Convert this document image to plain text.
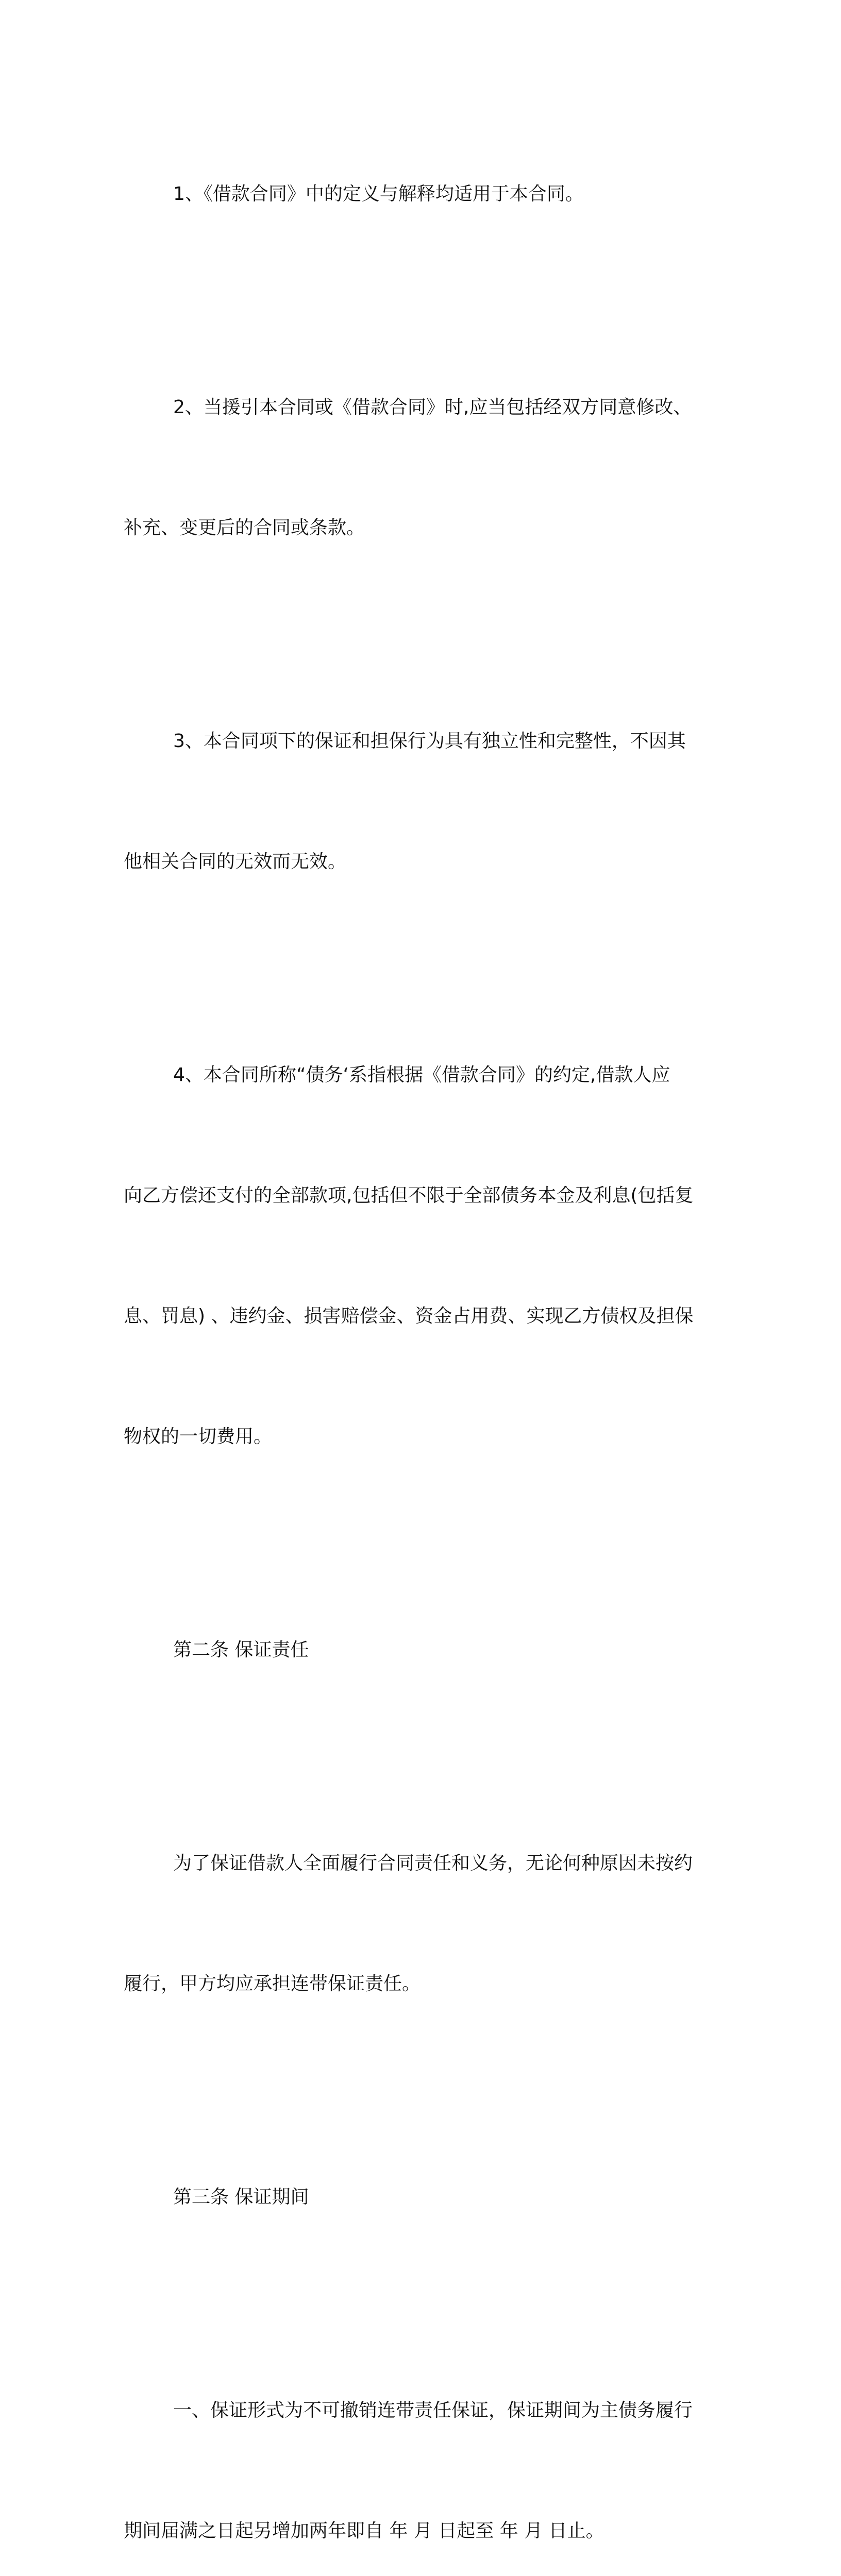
1、《借款合同》中的定义与解释均适用于本合同。

2、当援引本合同或《借款合同》时,应当包括经双方同意修改、

补充、变更后的合同或条款。

3、本合同项下的保证和担保行为具有独立性和完整性，不因其

他相关合同的无效而无效。

4、本合同所称“债务‘系指根据《借款合同》的约定,借款人应

向乙方偿还支付的全部款项,包括但不限于全部债务本金及利息(包括复

息、罚息) 、违约金、损害赔偿金、资金占用费、实现乙方债权及担保

物权的一切费用。

第二条 保证责任

为了保证借款人全面履行合同责任和义务，无论何种原因未按约

履行，甲方均应承担连带保证责任。

第三条 保证期间

一、保证形式为不可撤销连带责任保证，保证期间为主债务履行

期间届满之日起另增加两年即自 年 月 日起至 年 月 日止。
